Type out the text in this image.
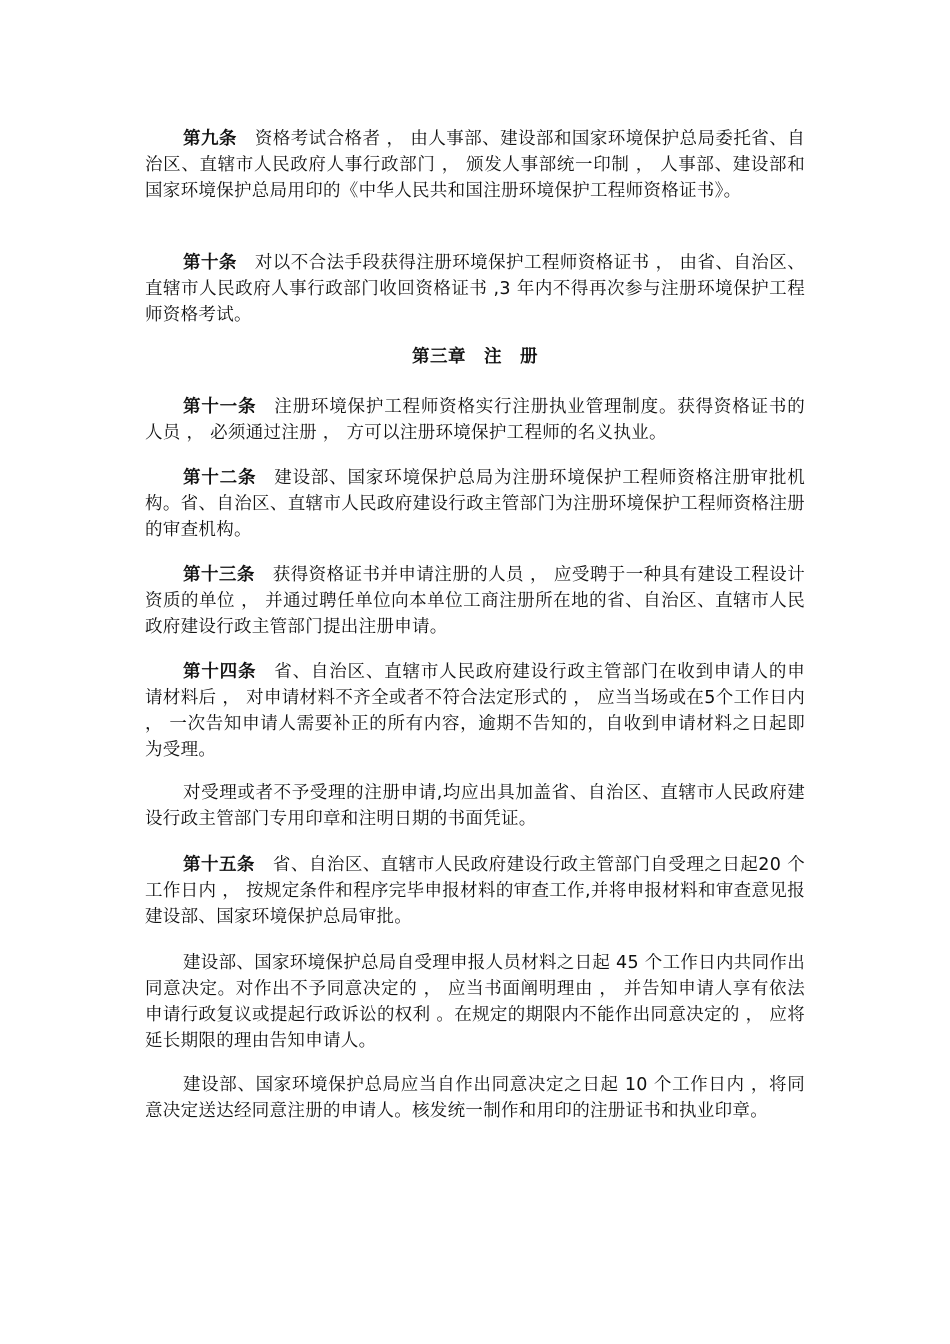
第九条 资格考试合格者 ， 由人事部、建设部和国家环境保护总局委托省、自治区、直辖市人民政府人事行政部门 ， 颁发人事部统一印制 ， 人事部、建设部和国家环境保护总局用印的《中华人民共和国注册环境保护工程师资格证书》。

第十条 对以不合法手段获得注册环境保护工程师资格证书 ， 由省、自治区、直辖市人民政府人事行政部门收回资格证书 ,3 年内不得再次参与注册环境保护工程师资格考试。

第三章　注　册

第十一条 注册环境保护工程师资格实行注册执业管理制度。获得资格证书的人员 ， 必须通过注册 ， 方可以注册环境保护工程师的名义执业。

第十二条 建设部、国家环境保护总局为注册环境保护工程师资格注册审批机构。省、自治区、直辖市人民政府建设行政主管部门为注册环境保护工程师资格注册的审查机构。

第十三条 获得资格证书并申请注册的人员 ， 应受聘于一种具有建设工程设计资质的单位 ， 并通过聘任单位向本单位工商注册所在地的省、自治区、直辖市人民政府建设行政主管部门提出注册申请。

第十四条 省、自治区、直辖市人民政府建设行政主管部门在收到申请人的申请材料后 ， 对申请材料不齐全或者不符合法定形式的 ， 应当当场或在5个工作日内 ， 一次告知申请人需要补正的所有内容，逾期不告知的，自收到申请材料之日起即为受理。

对受理或者不予受理的注册申请,均应出具加盖省、自治区、直辖市人民政府建设行政主管部门专用印章和注明日期的书面凭证。

第十五条 省、自治区、直辖市人民政府建设行政主管部门自受理之日起20 个工作日内 ， 按规定条件和程序完毕申报材料的审查工作,并将申报材料和审查意见报建设部、国家环境保护总局审批。

建设部、国家环境保护总局自受理申报人员材料之日起 45 个工作日内共同作出同意决定。对作出不予同意决定的 ， 应当书面阐明理由 ， 并告知申请人享有依法申请行政复议或提起行政诉讼的权利 。在规定的期限内不能作出同意决定的 ， 应将延长期限的理由告知申请人。

建设部、国家环境保护总局应当自作出同意决定之日起 10 个工作日内 ，将同意决定送达经同意注册的申请人。核发统一制作和用印的注册证书和执业印章。
